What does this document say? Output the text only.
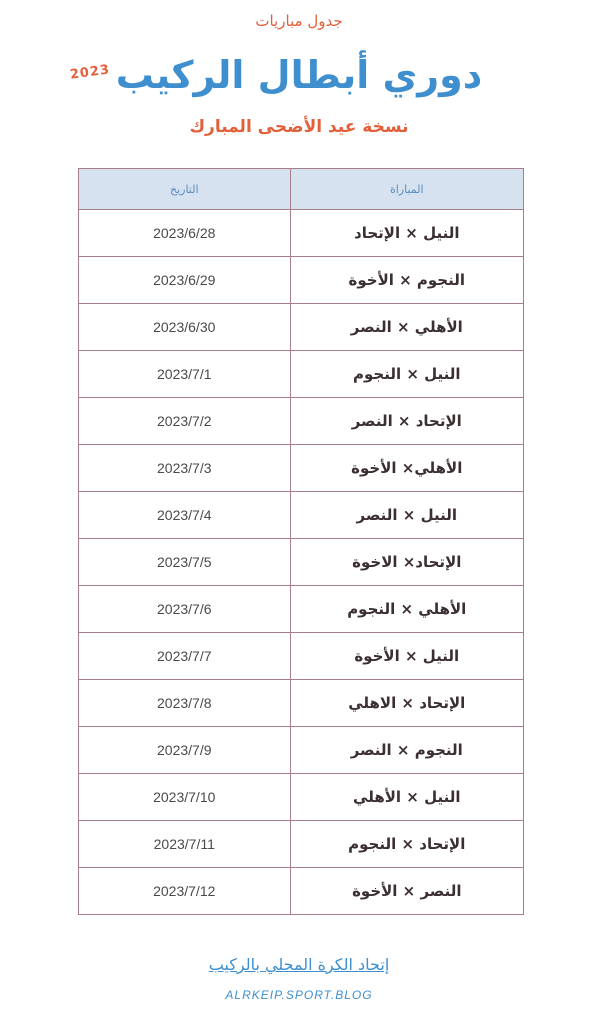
جدول مباريات
دوري أبطال الركيب
2023
نسخة عيد الأضحى المبارك
التاريخ	المباراة
2023/6/28	النيل × الإتحاد
2023/6/29	النجوم × الأخوة
2023/6/30	الأهلي × النصر
2023/7/1	النيل × النجوم
2023/7/2	الإتحاد × النصر
2023/7/3	الأهلي× الأخوة
2023/7/4	النيل × النصر
2023/7/5	الإتحاد× الاخوة
2023/7/6	الأهلي × النجوم
2023/7/7	النيل × الأخوة
2023/7/8	الإتحاد × الاهلي
2023/7/9	النجوم × النصر
2023/7/10	النيل × الأهلي
2023/7/11	الإتحاد × النجوم
2023/7/12	النصر × الأخوة
إتحاد الكرة المحلي بالركيب
ALRKEIP.SPORT.BLOG
